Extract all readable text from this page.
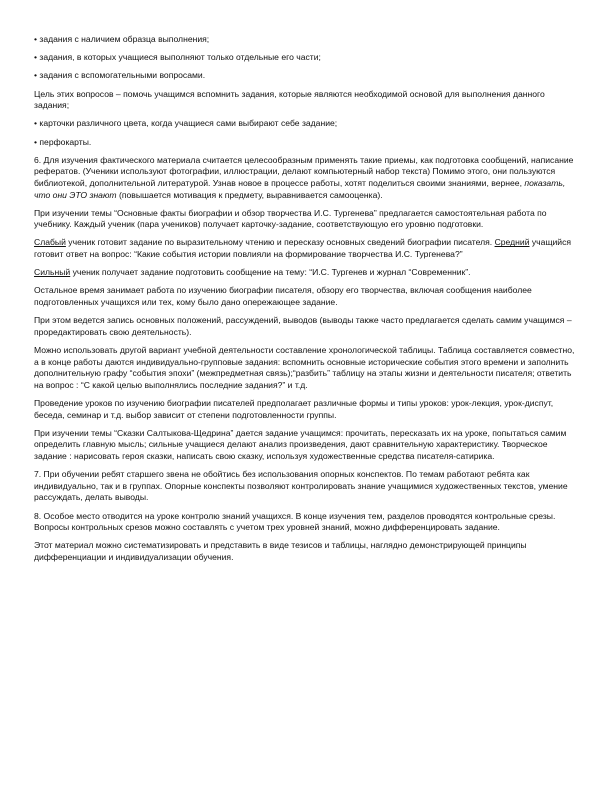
• задания с наличием образца выполнения;

• задания, в которых учащиеся выполняют только отдельные его части;

• задания с вспомогательными вопросами.

Цель этих вопросов – помочь учащимся вспомнить задания, которые являются необходимой основой для выполнения данного задания;

• карточки различного цвета, когда учащиеся сами выбирают себе задание;

• перфокарты.

6. Для изучения фактического материала считается целесообразным применять такие приемы, как подготовка сообщений, написание рефератов. (Ученики используют фотографии, иллюстрации, делают компьютерный набор текста) Помимо этого, они пользуются библиотекой, дополнительной литературой. Узнав новое в процессе работы, хотят поделиться своими знаниями, вернее, показать, что они ЭТО знают (повышается мотивация к предмету, выравнивается самооценка).

При изучении темы “Основные факты биографии и обзор творчества И.С. Тургенева” предлагается самостоятельная работа по учебнику. Каждый ученик (пара учеников) получает карточку-задание, соответствующую его уровню подготовки.

Слабый ученик готовит задание по выразительному чтению и пересказу основных сведений биографии писателя. Средний учащийся готовит ответ на вопрос: “Какие события истории повлияли на формирование творчества И.С. Тургенева?”

Сильный ученик получает задание подготовить сообщение на тему: “И.С. Тургенев и журнал “Современник”.

Остальное время занимает работа по изучению биографии писателя, обзору его творчества, включая сообщения наиболее подготовленных учащихся или тех, кому было дано опережающее задание.

При этом ведется запись основных положений, рассуждений, выводов (выводы также часто предлагается сделать самим учащимся – проредактировать свою деятельность).

Можно использовать другой вариант учебной деятельности составление хронологической таблицы. Таблица составляется совместно, а в конце работы даются индивидуально-групповые задания: вспомнить основные исторические события этого времени и заполнить дополнительную графу “события эпохи” (межпредметная связь);“разбить” таблицу на этапы жизни и деятельности писателя; ответить на вопрос : “С какой целью выполнялись последние задания?” и т.д.

Проведение уроков по изучению биографии писателей предполагает различные формы и типы уроков: урок-лекция, урок-диспут, беседа, семинар и т.д. выбор зависит от степени подготовленности группы.

При изучении темы “Сказки Салтыкова-Щедрина” дается задание учащимся: прочитать, пересказать их на уроке, попытаться самим определить главную мысль; сильные учащиеся делают анализ произведения, дают сравнительную характеристику. Творческое задание : нарисовать героя сказки, написать свою сказку, используя художественные средства писателя-сатирика.

7. При обучении ребят старшего звена не обойтись без использования опорных конспектов. По темам работают ребята как индивидуально, так и в группах. Опорные конспекты позволяют контролировать знание учащимися художественных текстов, умение рассуждать, делать выводы.

8. Особое место отводится на уроке контролю знаний учащихся. В конце изучения тем, разделов проводятся контрольные срезы. Вопросы контрольных срезов можно составлять с учетом трех уровней знаний, можно дифференцировать задание.

Этот материал можно систематизировать и представить в виде тезисов и таблицы, наглядно демонстрирующей принципы дифференциации и индивидуализации обучения.
